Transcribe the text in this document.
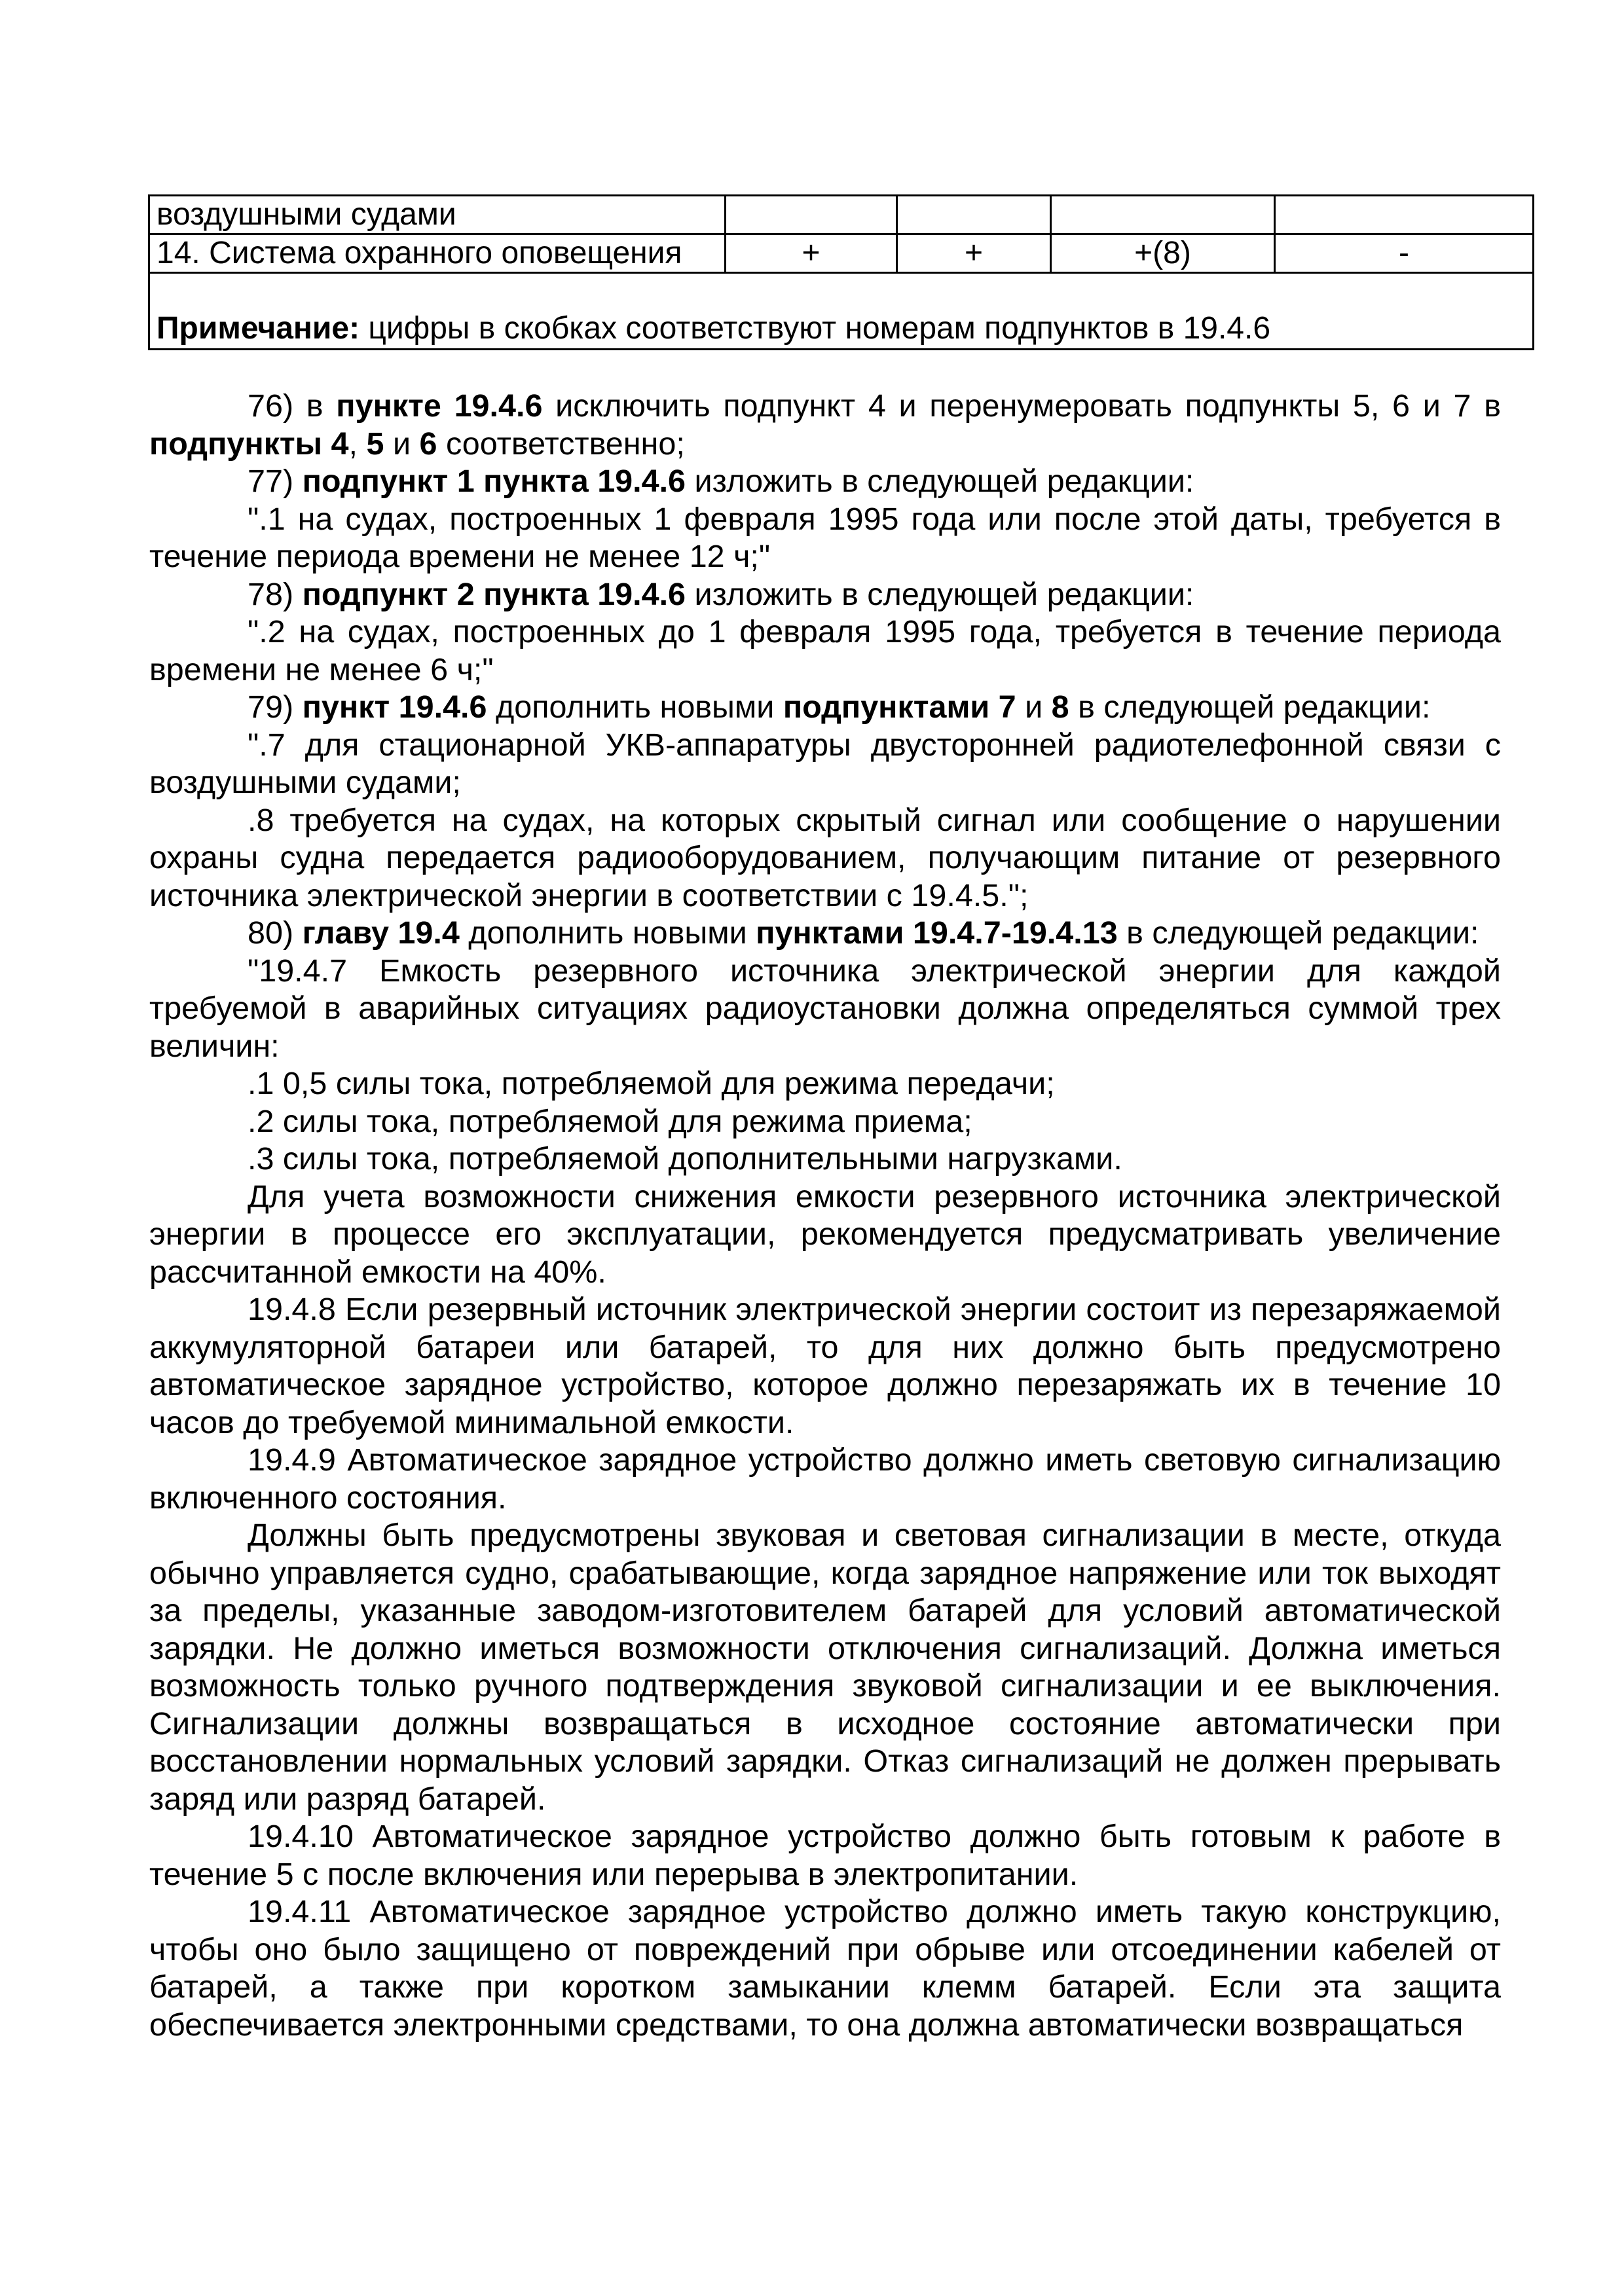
воздушными судами				
14. Система охранного оповещения	+	+	+(8)	-
Примечание: цифры в скобках соответствуют номерам подпунктов в 19.4.6				

76) в пункте 19.4.6 исключить подпункт 4 и перенумеровать подпункты 5, 6 и 7 в подпункты 4, 5 и 6 соответственно;

77) подпункт 1 пункта 19.4.6 изложить в следующей редакции:

".1 на судах, построенных 1 февраля 1995 года или после этой даты, требуется в течение периода времени не менее 12 ч;"

78) подпункт 2 пункта 19.4.6 изложить в следующей редакции:

".2 на судах, построенных до 1 февраля 1995 года, требуется в течение периода времени не менее 6 ч;"

79) пункт 19.4.6 дополнить новыми подпунктами 7 и 8 в следующей редакции:

".7 для стационарной УКВ-аппаратуры двусторонней радиотелефонной связи с воздушными судами;

.8 требуется на судах, на которых скрытый сигнал или сообщение о нарушении охраны судна передается радиооборудованием, получающим питание от резервного источника электрической энергии в соответствии с 19.4.5.";

80) главу 19.4 дополнить новыми пунктами 19.4.7-19.4.13 в следующей редакции:

"19.4.7 Емкость резервного источника электрической энергии для каждой требуемой в аварийных ситуациях радиоустановки должна определяться суммой трех величин:

.1 0,5 силы тока, потребляемой для режима передачи;

.2 силы тока, потребляемой для режима приема;

.3 силы тока, потребляемой дополнительными нагрузками.

Для учета возможности снижения емкости резервного источника электрической энергии в процессе его эксплуатации, рекомендуется предусматривать увеличение рассчитанной емкости на 40%.

19.4.8 Если резервный источник электрической энергии состоит из перезаряжаемой аккумуляторной батареи или батарей, то для них должно быть предусмотрено автоматическое зарядное устройство, которое должно перезаряжать их в течение 10 часов до требуемой минимальной емкости.

19.4.9 Автоматическое зарядное устройство должно иметь световую сигнализацию включенного состояния.

Должны быть предусмотрены звуковая и световая сигнализации в месте, откуда обычно управляется судно, срабатывающие, когда зарядное напряжение или ток выходят за пределы, указанные заводом-изготовителем батарей для условий автоматической зарядки. Не должно иметься возможности отключения сигнализаций. Должна иметься возможность только ручного подтверждения звуковой сигнализации и ее выключения. Сигнализации должны возвращаться в исходное состояние автоматически при восстановлении нормальных условий зарядки. Отказ сигнализаций не должен прерывать заряд или разряд батарей.

19.4.10 Автоматическое зарядное устройство должно быть готовым к работе в течение 5 с после включения или перерыва в электропитании.

19.4.11 Автоматическое зарядное устройство должно иметь такую конструкцию, чтобы оно было защищено от повреждений при обрыве или отсоединении кабелей от батарей, а также при коротком замыкании клемм батарей. Если эта защита обеспечивается электронными средствами, то она должна автоматически возвращаться
